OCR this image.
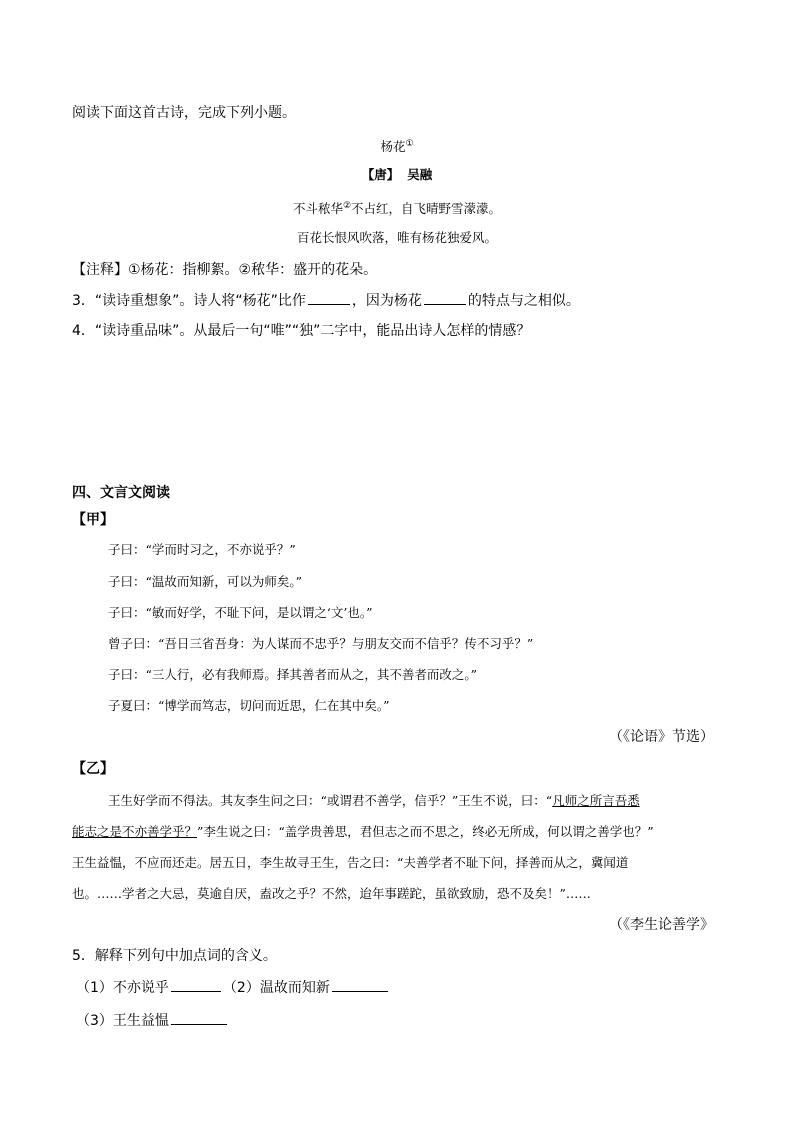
阅读下面这首古诗，完成下列小题。
杨花①
【唐】 吴融
不斗秾华②不占红，自飞晴野雪濛濛。
百花长恨风吹落，唯有杨花独爱风。
【注释】①杨花：指柳絮。②秾华：盛开的花朵。
3．“读诗重想象”。诗人将“杨花”比作	，因为杨花	的特点与之相似。
4．“读诗重品味”。从最后一句“唯”“独”二字中，能品出诗人怎样的情感？
四、文言文阅读
【甲】
子曰：“学而时习之，不亦说乎？”
子曰：“温故而知新，可以为师矣。”
子曰：“敏而好学，不耻下问，是以谓之‘文’也。”
曾子曰：“吾日三省吾身：为人谋而不忠乎？与朋友交而不信乎？传不习乎？”
子曰：“三人行，必有我师焉。择其善者而从之，其不善者而改之。”
子夏曰：“博学而笃志，切问而近思，仁在其中矣。”
（《论语》节选）
【乙】
王生好学而不得法。其友李生问之曰：“或谓君不善学，信乎？”王生不说，曰：“凡师之所言吾悉
能志之是不亦善学乎？”李生说之曰：“盖学贵善思，君但志之而不思之，终必无所成，何以谓之善学也？”
王生益愠，不应而还走。居五日，李生故寻王生，告之曰：“夫善学者不耻下问，择善而从之，冀闻道
也。……学者之大忌，莫逾自厌，盍改之乎？不然，迨年事蹉跎，虽欲致励，恐不及矣！”……
（《李生论善学》
5．解释下列句中加点词的含义。
（1）不亦说乎	（2）温故而知新
（3）王生益愠
